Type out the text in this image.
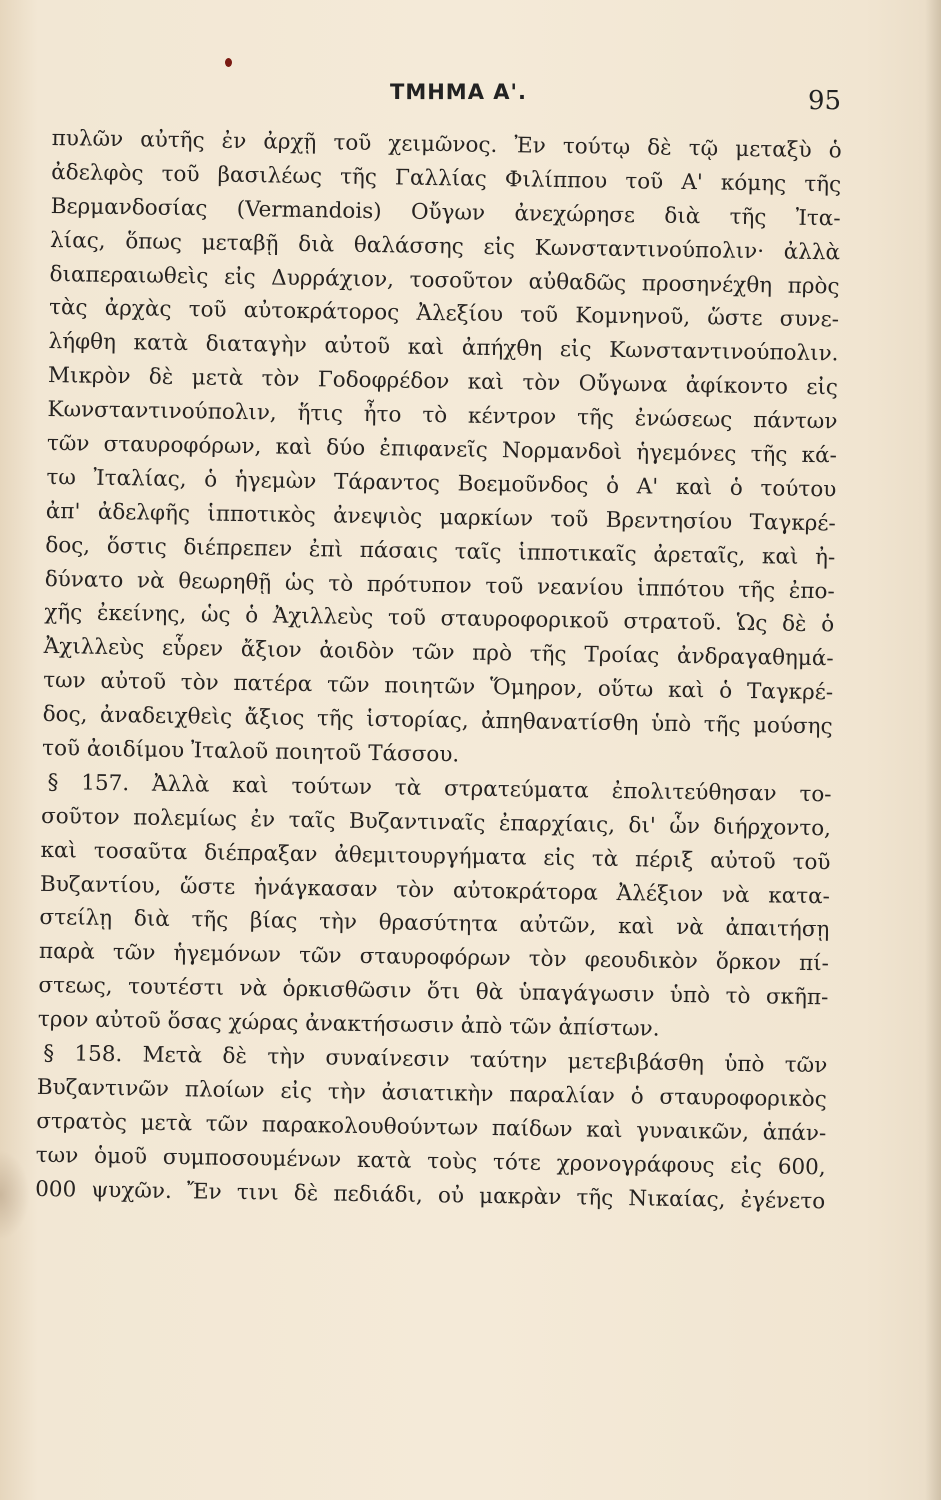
ΤΜΗΜΑ Α'.	95
πυλῶν αὐτῆς ἐν ἀρχῇ τοῦ χειμῶνος. Ἐν τούτῳ δὲ τῷ μεταξὺ ὁ
ἀδελφὸς τοῦ βασιλέως τῆς Γαλλίας Φιλίππου τοῦ Α' κόμης τῆς
Βερμανδοσίας (Vermandois) Οὔγων ἀνεχώρησε διὰ τῆς Ἰτα-
λίας, ὅπως μεταβῇ διὰ θαλάσσης εἰς Κωνσταντινούπολιν· ἀλλὰ
διαπεραιωθεὶς εἰς Δυρράχιον, τοσοῦτον αὐθαδῶς προσηνέχθη πρὸς
τὰς ἀρχὰς τοῦ αὐτοκράτορος Ἀλεξίου τοῦ Κομνηνοῦ, ὥστε συνε-
λήφθη κατὰ διαταγὴν αὐτοῦ καὶ ἀπήχθη εἰς Κωνσταντινούπολιν.
Μικρὸν δὲ μετὰ τὸν Γοδοφρέδον καὶ τὸν Οὔγωνα ἀφίκοντο εἰς
Κωνσταντινούπολιν, ἥτις ἦτο τὸ κέντρον τῆς ἐνώσεως πάντων
τῶν σταυροφόρων, καὶ δύο ἐπιφανεῖς Νορμανδοὶ ἡγεμόνες τῆς κά-
τω Ἰταλίας, ὁ ἡγεμὼν Τάραντος Βοεμοῦνδος ὁ Α' καὶ ὁ τούτου
ἀπ' ἀδελφῆς ἱπποτικὸς ἀνεψιὸς μαρκίων τοῦ Βρεντησίου Ταγκρέ-
δος, ὅστις διέπρεπεν ἐπὶ πάσαις ταῖς ἱπποτικαῖς ἀρεταῖς, καὶ ἠ-
δύνατο νὰ θεωρηθῇ ὡς τὸ πρότυπον τοῦ νεανίου ἱππότου τῆς ἐπο-
χῆς ἐκείνης, ὡς ὁ Ἀχιλλεὺς τοῦ σταυροφορικοῦ στρατοῦ. Ὡς δὲ ὁ
Ἀχιλλεὺς εὗρεν ἄξιον ἀοιδὸν τῶν πρὸ τῆς Τροίας ἀνδραγαθημά-
των αὐτοῦ τὸν πατέρα τῶν ποιητῶν Ὅμηρον, οὕτω καὶ ὁ Ταγκρέ-
δος, ἀναδειχθεὶς ἄξιος τῆς ἱστορίας, ἀπηθανατίσθη ὑπὸ τῆς μούσης
τοῦ ἀοιδίμου Ἰταλοῦ ποιητοῦ Τάσσου.
§ 157. Ἀλλὰ καὶ τούτων τὰ στρατεύματα ἐπολιτεύθησαν το-
σοῦτον πολεμίως ἐν ταῖς Βυζαντιναῖς ἐπαρχίαις, δι' ὧν διήρχοντο,
καὶ τοσαῦτα διέπραξαν ἀθεμιτουργήματα εἰς τὰ πέριξ αὐτοῦ τοῦ
Βυζαντίου, ὥστε ἠνάγκασαν τὸν αὐτοκράτορα Ἀλέξιον νὰ κατα-
στείλῃ διὰ τῆς βίας τὴν θρασύτητα αὐτῶν, καὶ νὰ ἀπαιτήσῃ
παρὰ τῶν ἡγεμόνων τῶν σταυροφόρων τὸν φεουδικὸν ὅρκον πί-
στεως, τουτέστι νὰ ὁρκισθῶσιν ὅτι θὰ ὑπαγάγωσιν ὑπὸ τὸ σκῆπ-
τρον αὐτοῦ ὅσας χώρας ἀνακτήσωσιν ἀπὸ τῶν ἀπίστων.
§ 158. Μετὰ δὲ τὴν συναίνεσιν ταύτην μετεβιβάσθη ὑπὸ τῶν
Βυζαντινῶν πλοίων εἰς τὴν ἀσιατικὴν παραλίαν ὁ σταυροφορικὸς
στρατὸς μετὰ τῶν παρακολουθούντων παίδων καὶ γυναικῶν, ἁπάν-
των ὁμοῦ συμποσουμένων κατὰ τοὺς τότε χρονογράφους εἰς 600,
000 ψυχῶν. Ἔν τινι δὲ πεδιάδι, οὐ μακρὰν τῆς Νικαίας, ἐγένετο
